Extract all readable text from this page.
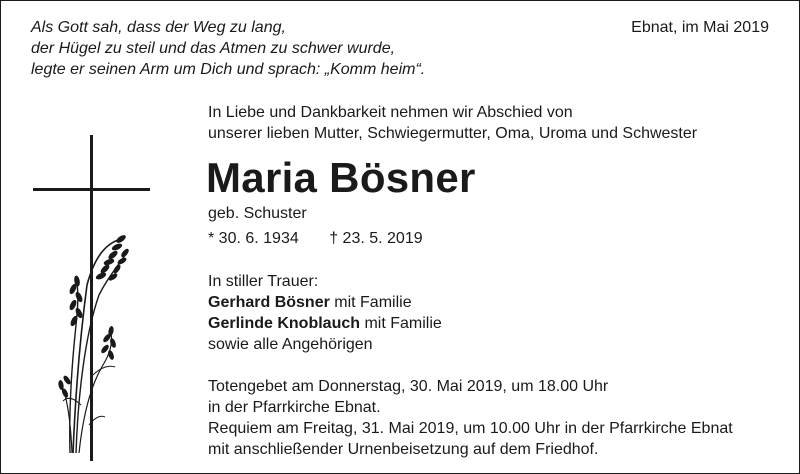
Als Gott sah, dass der Weg zu lang,
der Hügel zu steil und das Atmen zu schwer wurde,
legte er seinen Arm um Dich und sprach: „Komm heim“.
Ebnat, im Mai 2019
In Liebe und Dankbarkeit nehmen wir Abschied von
unserer lieben Mutter, Schwiegermutter, Oma, Uroma und Schwester
Maria Bösner
geb. Schuster
* 30. 6. 1934 † 23. 5. 2019
In stiller Trauer:
Gerhard Bösner mit Familie
Gerlinde Knoblauch mit Familie
sowie alle Angehörigen
Totengebet am Donnerstag, 30. Mai 2019, um 18.00 Uhr
in der Pfarrkirche Ebnat.
Requiem am Freitag, 31. Mai 2019, um 10.00 Uhr in der Pfarrkirche Ebnat
mit anschließender Urnenbeisetzung auf dem Friedhof.
